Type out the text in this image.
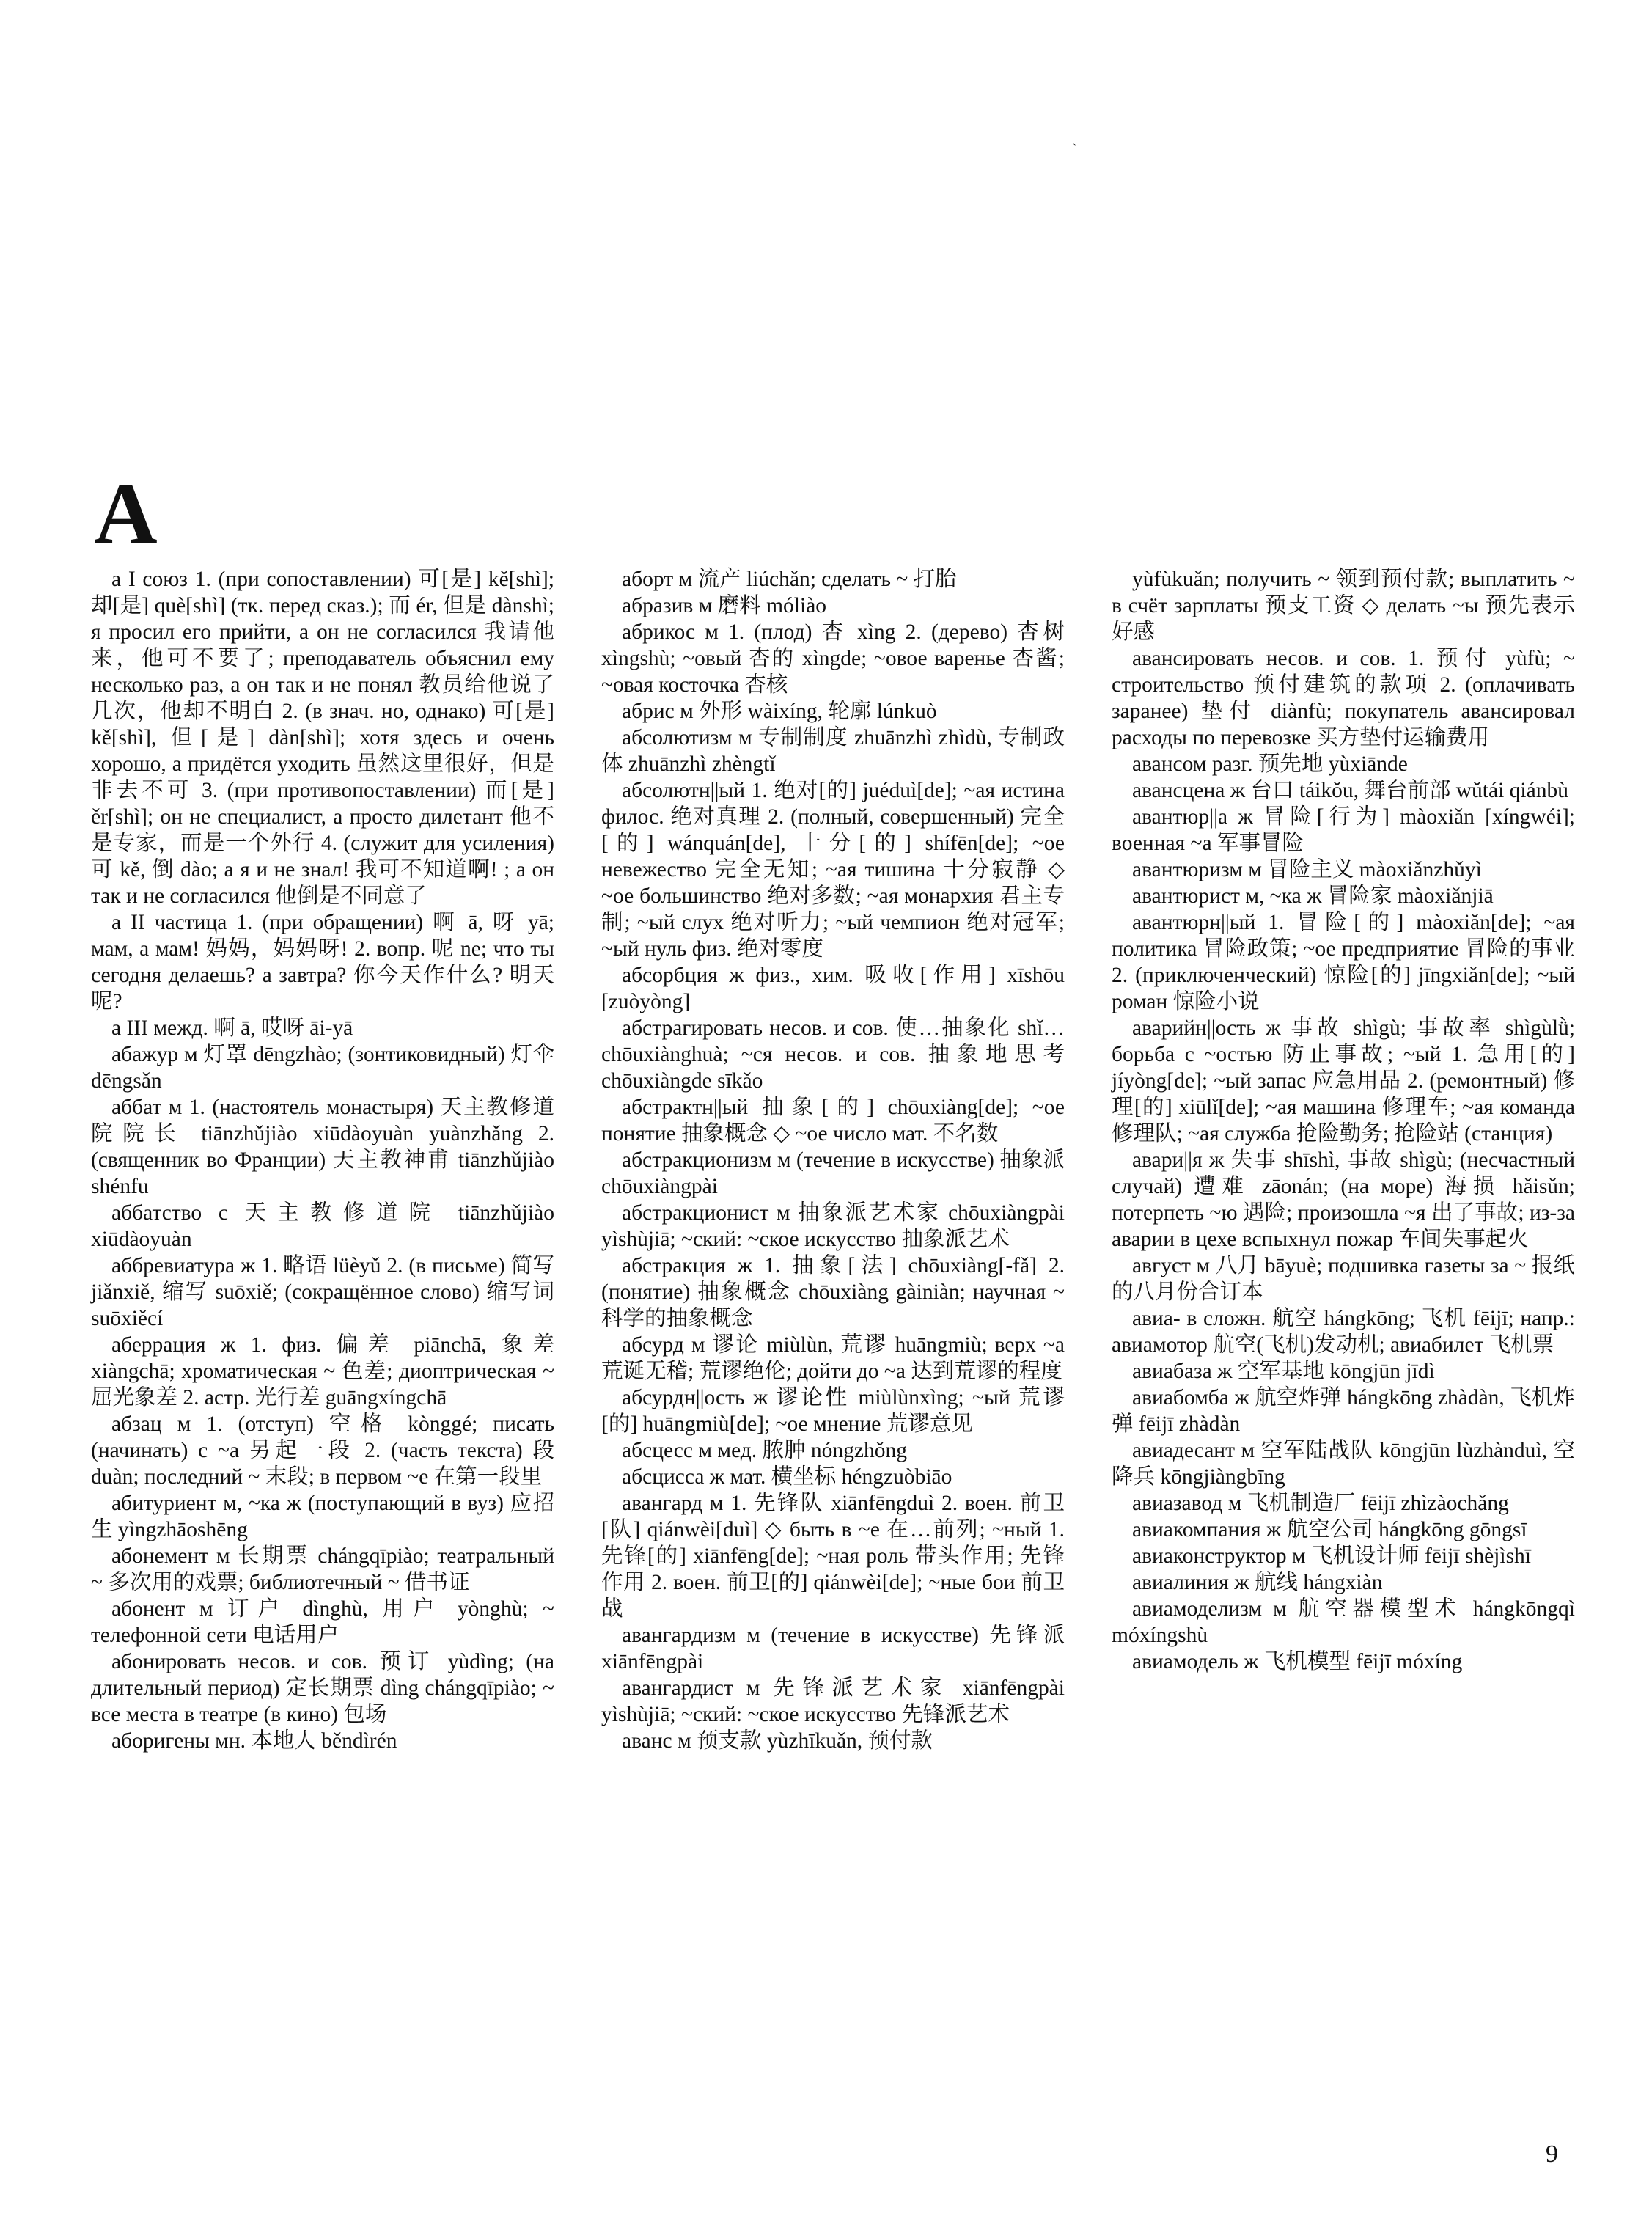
˴
A

а I союз 1. (при сопоставлении) 可[是] kě[shì]; 却[是] què[shì] (тк. перед сказ.); 而 ér, 但是 dànshì; я просил его прийти, а он не согласился 我请他来，他可不要了; преподаватель объяснил ему несколько раз, а он так и не понял 教员给他说了几次，他却不明白 2. (в знач. но, однако) 可[是] kě[shì], 但[是] dàn[shì]; хотя здесь и очень хорошо, а придётся уходить 虽然这里很好，但是非去不可 3. (при противопоставлении) 而[是] ěr[shì]; он не специалист, а просто дилетант 他不是专家，而是一个外行 4. (служит для усиления) 可 kě, 倒 dào; а я и не знал! 我可不知道啊! ; а он так и не согласился 他倒是不同意了

а II частица 1. (при обращении) 啊 ā, 呀 yā; мам, а мам! 妈妈，妈妈呀! 2. вопр. 呢 ne; что ты сегодня делаешь? а завтра? 你今天作什么? 明天呢?

а III межд. 啊 ā, 哎呀 āi-yā

абажур м 灯罩 dēngzhào; (зонтиковидный) 灯伞 dēngsǎn

аббат м 1. (настоятель монастыря) 天主教修道院院长 tiānzhǔjiào xiūdàoyuàn yuànzhǎng 2. (священник во Франции) 天主教神甫 tiānzhǔjiào shénfu

аббатство с 天主教修道院 tiānzhǔjiào xiūdàoyuàn

аббревиатура ж 1. 略语 lüèyǔ 2. (в письме) 简写 jiǎnxiě, 缩写 suōxiě; (сокращённое слово) 缩写词 suōxiěcí

аберрация ж 1. физ. 偏差 piānchā, 象差 xiàngchā; хроматическая ~ 色差; диоптрическая ~ 屈光象差 2. астр. 光行差 guāngxíngchā

абзац м 1. (отступ) 空格 kònggé; писать (начинать) с ~а 另起一段 2. (часть текста) 段 duàn; последний ~ 末段; в первом ~е 在第一段里

абитуриент м, ~ка ж (поступающий в вуз) 应招生 yìngzhāoshēng

абонемент м 长期票 chángqīpiào; театральный ~ 多次用的戏票; библиотечный ~ 借书证

абонент м 订户 dìnghù, 用户 yònghù; ~ телефонной сети 电话用户

абонировать несов. и сов. 预订 yùdìng; (на длительный период) 定长期票 dìng chángqīpiào; ~ все места в театре (в кино) 包场

аборигены мн. 本地人 běndìrén

аборт м 流产 liúchǎn; сделать ~ 打胎

абразив м 磨料 móliào

абрикос м 1. (плод) 杏 xìng 2. (дерево) 杏树 xìngshù; ~овый 杏的 xìngde; ~овое варенье 杏酱; ~овая косточка 杏核

абрис м 外形 wàixíng, 轮廓 lúnkuò

абсолютизм м 专制制度 zhuānzhì zhìdù, 专制政体 zhuānzhì zhèngtǐ

абсолютн||ый 1. 绝对[的] juéduì[de]; ~ая истина филос. 绝对真理 2. (полный, совершенный) 完全[的] wánquán[de], 十分[的] shífēn[de]; ~ое невежество 完全无知; ~ая тишина 十分寂静 ◇ ~ое большинство 绝对多数; ~ая монархия 君主专制; ~ый слух 绝对听力; ~ый чемпион 绝对冠军; ~ый нуль физ. 绝对零度

абсорбция ж физ., хим. 吸收[作用] xīshōu [zuòyòng]

абстрагировать несов. и сов. 使…抽象化 shǐ…chōuxiànghuà; ~ся несов. и сов. 抽象地思考 chōuxiàngde sīkǎo

абстрактн||ый 抽象[的] chōuxiàng[de]; ~ое понятие 抽象概念 ◇ ~ое число мат. 不名数

абстракционизм м (течение в искусстве) 抽象派 chōuxiàngpài

абстракционист м 抽象派艺术家 chōuxiàngpài yìshùjiā; ~ский: ~ское искусство 抽象派艺术

абстракция ж 1. 抽象[法] chōuxiàng[-fǎ] 2. (понятие) 抽象概念 chōuxiàng gàiniàn; научная ~ 科学的抽象概念

абсурд м 谬论 miùlùn, 荒谬 huāngmiù; верх ~а 荒诞无稽; 荒谬绝伦; дойти до ~а 达到荒谬的程度

абсурдн||ость ж 谬论性 miùlùnxìng; ~ый 荒谬[的] huāngmiù[de]; ~ое мнение 荒谬意见

абсцесс м мед. 脓肿 nóngzhǒng

абсцисса ж мат. 横坐标 héngzuòbiāo

авангард м 1. 先锋队 xiānfēngduì 2. воен. 前卫[队] qiánwèi[duì] ◇ быть в ~е 在…前列; ~ный 1. 先锋[的] xiānfēng[de]; ~ная роль 带头作用; 先锋作用 2. воен. 前卫[的] qiánwèi[de]; ~ные бои 前卫战

авангардизм м (течение в искусстве) 先锋派 xiānfēngpài

авангардист м 先锋派艺术家 xiānfēngpài yìshùjiā; ~ский: ~ское искусство 先锋派艺术

аванс м 预支款 yùzhīkuǎn, 预付款

yùfùkuǎn; получить ~ 领到预付款; выплатить ~ в счёт зарплаты 预支工资 ◇ делать ~ы 预先表示好感

авансировать несов. и сов. 1. 预付 yùfù; ~ строительство 预付建筑的款项 2. (оплачивать заранее) 垫付 diànfù; покупатель авансировал расходы по перевозке 买方垫付运输费用

авансом разг. 预先地 yùxiānde

авансцена ж 台口 táikǒu, 舞台前部 wǔtái qiánbù

авантюр||а ж 冒险[行为] màoxiǎn [xíngwéi]; военная ~а 军事冒险

авантюризм м 冒险主义 màoxiǎnzhǔyì

авантюрист м, ~ка ж 冒险家 màoxiǎnjiā

авантюрн||ый 1. 冒险[的] màoxiǎn[de]; ~ая политика 冒险政策; ~ое предприятие 冒险的事业 2. (приключенческий) 惊险[的] jīngxiǎn[de]; ~ый роман 惊险小说

аварийн||ость ж 事故 shìgù; 事故率 shìgùlǜ; борьба с ~остью 防止事故; ~ый 1. 急用[的] jíyòng[de]; ~ый запас 应急用品 2. (ремонтный) 修理[的] xiūlǐ[de]; ~ая машина 修理车; ~ая команда 修理队; ~ая служба 抢险勤务; 抢险站 (станция)

авари||я ж 失事 shīshì, 事故 shìgù; (несчастный случай) 遭难 zāonán; (на море) 海损 hǎisǔn; потерпеть ~ю 遇险; произошла ~я 出了事故; из-за аварии в цехе вспыхнул пожар 车间失事起火

август м 八月 bāyuè; подшивка газеты за ~ 报纸的八月份合订本

авиа- в сложн. 航空 hángkōng; 飞机 fēijī; напр.: авиамотор 航空(飞机)发动机; авиабилет 飞机票

авиабаза ж 空军基地 kōngjūn jīdì

авиабомба ж 航空炸弹 hángkōng zhàdàn, 飞机炸弹 fēijī zhàdàn

авиадесант м 空军陆战队 kōngjūn lùzhànduì, 空降兵 kōngjiàngbīng

авиазавод м 飞机制造厂 fēijī zhìzàochǎng

авиакомпания ж 航空公司 hángkōng gōngsī

авиаконструктор м 飞机设计师 fēijī shèjìshī

авиалиния ж 航线 hángxiàn

авиамоделизм м 航空器模型术 hángkōngqì móxíngshù

авиамодель ж 飞机模型 fēijī móxíng

9
